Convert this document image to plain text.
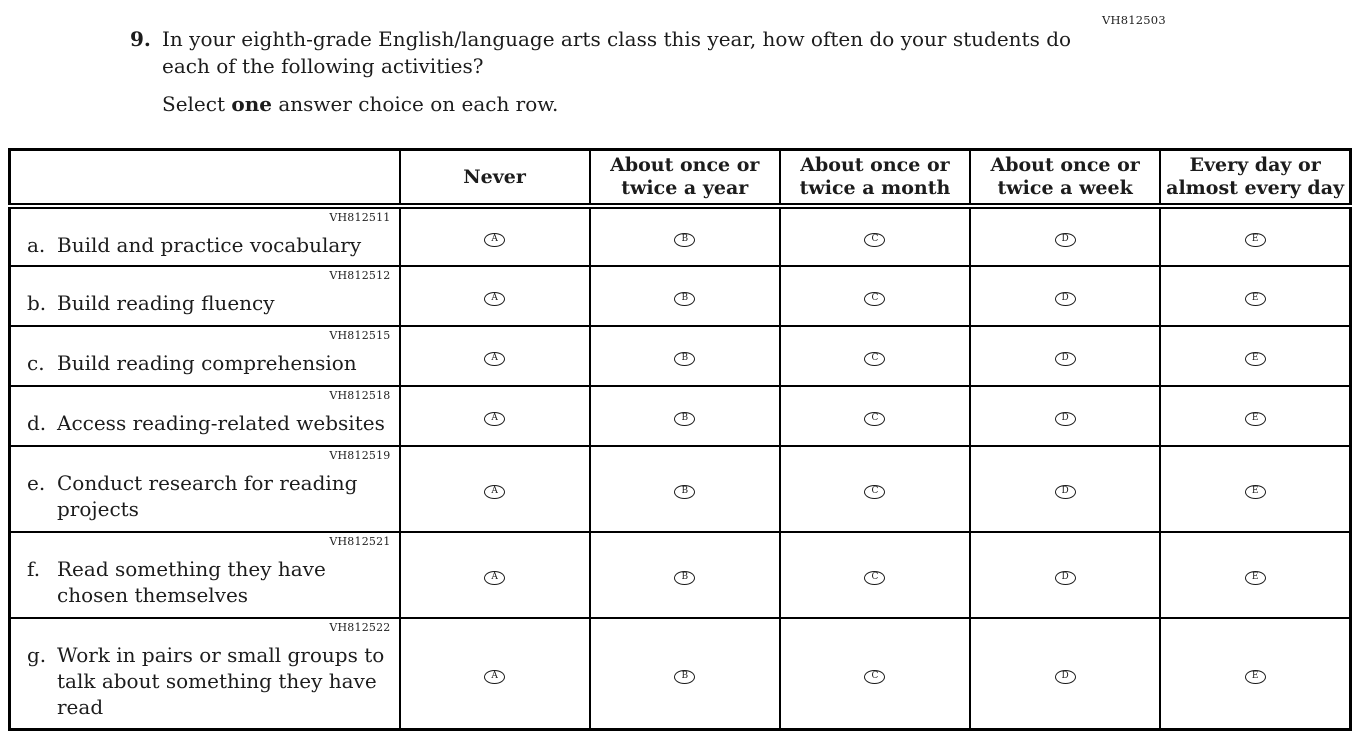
VH812503
9. In your eighth-grade English/language arts class this year, how often do your students do
each of the following activities?
Select one answer choice on each row.
	Never	About once or twice a year	About once or twice a month	About once or twice a week	Every day or almost every day

VH812511
a. Build and practice vocabulary	A	B	C	D	E

VH812512
b. Build reading fluency	A	B	C	D	E

VH812515
c. Build reading comprehension	A	B	C	D	E

VH812518
d. Access reading-related websites	A	B	C	D	E

VH812519
e. Conduct research for reading
projects	A	B	C	D	E

VH812521
f. Read something they have
chosen themselves	A	B	C	D	E

VH812522
g. Work in pairs or small groups to
talk about something they have
read	A	B	C	D	E
